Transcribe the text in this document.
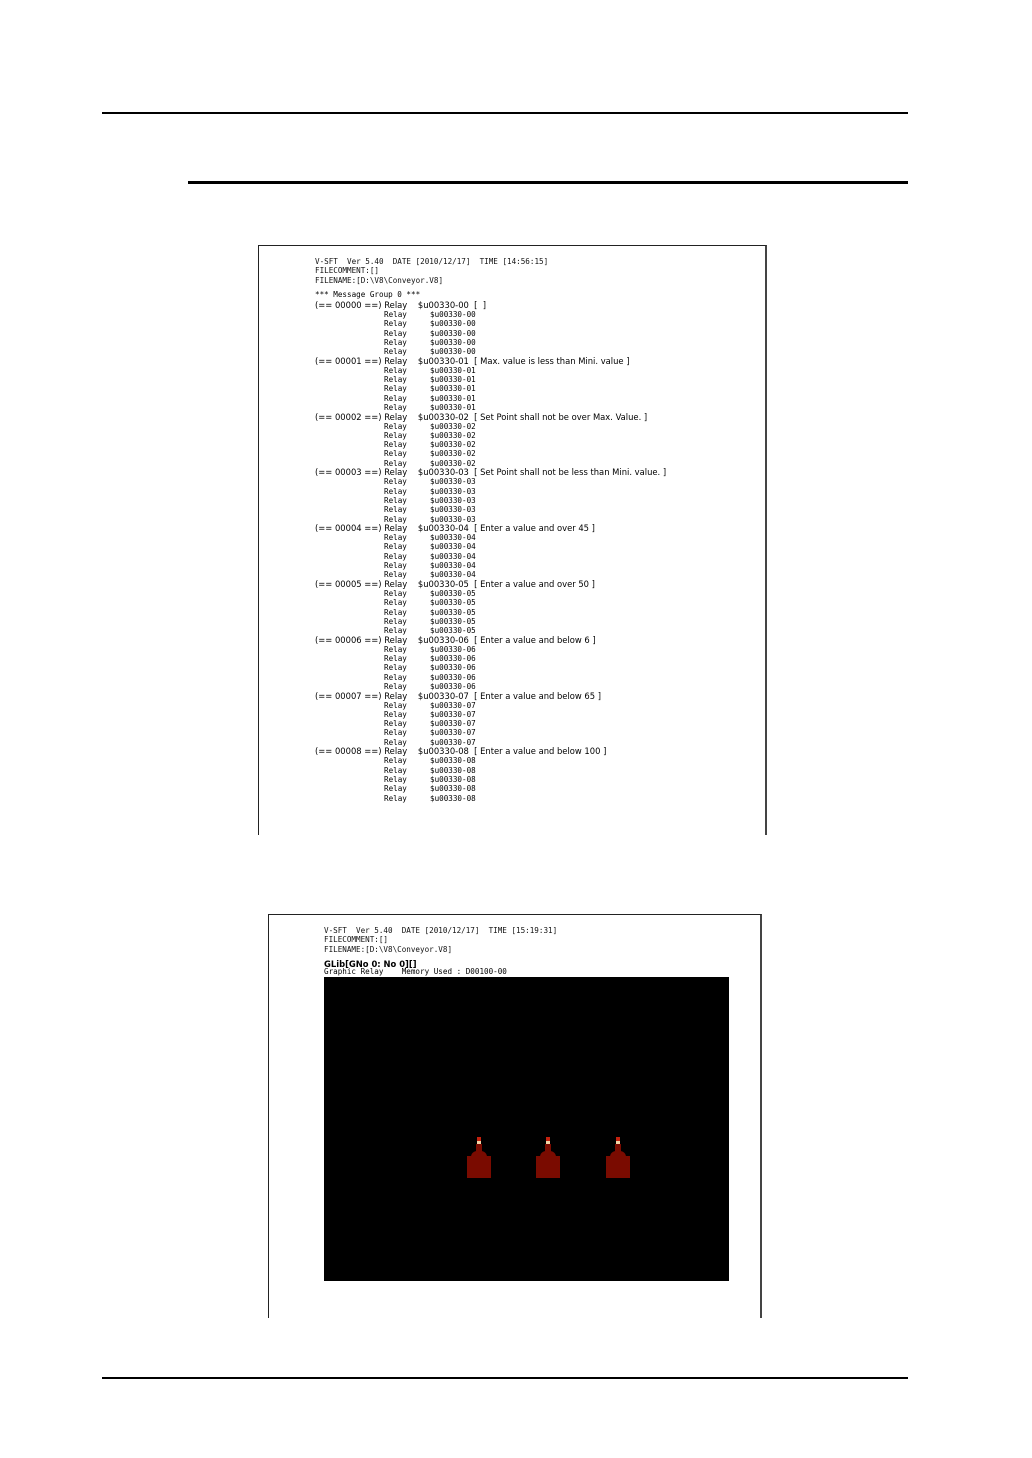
V-SFT  Ver 5.40  DATE [2010/12/17]  TIME [14:56:15]
FILECOMMENT:[]
FILENAME:[D:\V8\Conveyor.V8]
*** Message Group 0 ***
(== 00000 ==) Relay    $u00330-00  [  ]
Relay	$u00330-00
Relay	$u00330-00
Relay	$u00330-00
Relay	$u00330-00
Relay	$u00330-00
(== 00001 ==) Relay    $u00330-01  [ Max. value is less than Mini. value ]
Relay	$u00330-01
Relay	$u00330-01
Relay	$u00330-01
Relay	$u00330-01
Relay	$u00330-01
(== 00002 ==) Relay    $u00330-02  [ Set Point shall not be over Max. Value. ]
Relay	$u00330-02
Relay	$u00330-02
Relay	$u00330-02
Relay	$u00330-02
Relay	$u00330-02
(== 00003 ==) Relay    $u00330-03  [ Set Point shall not be less than Mini. value. ]
Relay	$u00330-03
Relay	$u00330-03
Relay	$u00330-03
Relay	$u00330-03
Relay	$u00330-03
(== 00004 ==) Relay    $u00330-04  [ Enter a value and over 45 ]
Relay	$u00330-04
Relay	$u00330-04
Relay	$u00330-04
Relay	$u00330-04
Relay	$u00330-04
(== 00005 ==) Relay    $u00330-05  [ Enter a value and over 50 ]
Relay	$u00330-05
Relay	$u00330-05
Relay	$u00330-05
Relay	$u00330-05
Relay	$u00330-05
(== 00006 ==) Relay    $u00330-06  [ Enter a value and below 6 ]
Relay	$u00330-06
Relay	$u00330-06
Relay	$u00330-06
Relay	$u00330-06
Relay	$u00330-06
(== 00007 ==) Relay    $u00330-07  [ Enter a value and below 65 ]
Relay	$u00330-07
Relay	$u00330-07
Relay	$u00330-07
Relay	$u00330-07
Relay	$u00330-07
(== 00008 ==) Relay    $u00330-08  [ Enter a value and below 100 ]
Relay	$u00330-08
Relay	$u00330-08
Relay	$u00330-08
Relay	$u00330-08
Relay	$u00330-08
V-SFT  Ver 5.40  DATE [2010/12/17]  TIME [15:19:31]
FILECOMMENT:[]
FILENAME:[D:\V8\Conveyor.V8]
GLib[GNo 0: No 0][]
Graphic Relay    Memory Used : D00100-00
